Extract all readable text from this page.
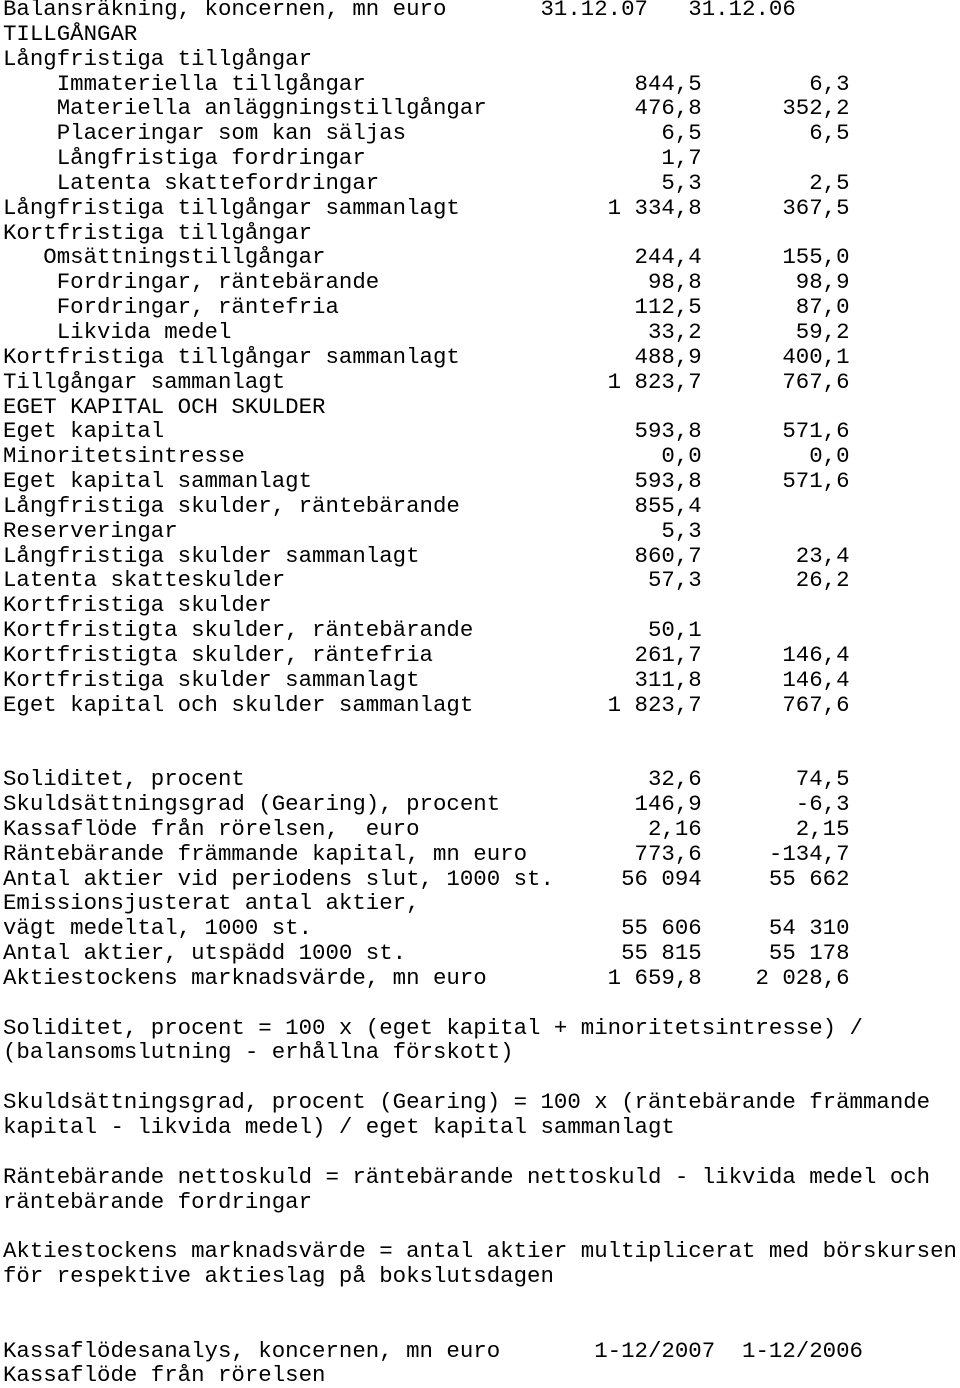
Balansräkning, koncernen, mn euro       31.12.07   31.12.06
TILLGÅNGAR
Långfristiga tillgångar
Immateriella tillgångar                    844,5        6,3
Materiella anläggningstillgångar           476,8      352,2
Placeringar som kan säljas                   6,5        6,5
Långfristiga fordringar                      1,7
Latenta skattefordringar                     5,3        2,5
Långfristiga tillgångar sammanlagt           1 334,8      367,5
Kortfristiga tillgångar
Omsättningstillgångar                       244,4      155,0
Fordringar, räntebärande                    98,8       98,9
Fordringar, räntefria                      112,5       87,0
Likvida medel                               33,2       59,2
Kortfristiga tillgångar sammanlagt             488,9      400,1
Tillgångar sammanlagt                        1 823,7      767,6
EGET KAPITAL OCH SKULDER
Eget kapital                                   593,8      571,6
Minoritetsintresse                               0,0        0,0
Eget kapital sammanlagt                        593,8      571,6
Långfristiga skulder, räntebärande             855,4
Reserveringar                                    5,3
Långfristiga skulder sammanlagt                860,7       23,4
Latenta skatteskulder                           57,3       26,2
Kortfristiga skulder
Kortfristigta skulder, räntebärande             50,1
Kortfristigta skulder, räntefria               261,7      146,4
Kortfristiga skulder sammanlagt                311,8      146,4
Eget kapital och skulder sammanlagt          1 823,7      767,6
Soliditet, procent                              32,6       74,5
Skuldsättningsgrad (Gearing), procent          146,9       -6,3
Kassaflöde från rörelsen,  euro                 2,16       2,15
Räntebärande främmande kapital, mn euro        773,6     -134,7
Antal aktier vid periodens slut, 1000 st.     56 094     55 662
Emissionsjusterat antal aktier,
vägt medeltal, 1000 st.                       55 606     54 310
Antal aktier, utspädd 1000 st.                55 815     55 178
Aktiestockens marknadsvärde, mn euro         1 659,8    2 028,6
Soliditet, procent = 100 x (eget kapital + minoritetsintresse) /
(balansomslutning - erhållna förskott)
Skuldsättningsgrad, procent (Gearing) = 100 x (räntebärande främmande
kapital - likvida medel) / eget kapital sammanlagt
Räntebärande nettoskuld = räntebärande nettoskuld - likvida medel och
räntebärande fordringar
Aktiestockens marknadsvärde = antal aktier multiplicerat med börskursen
för respektive aktieslag på bokslutsdagen
Kassaflödesanalys, koncernen, mn euro       1-12/2007  1-12/2006
Kassaflöde från rörelsen
